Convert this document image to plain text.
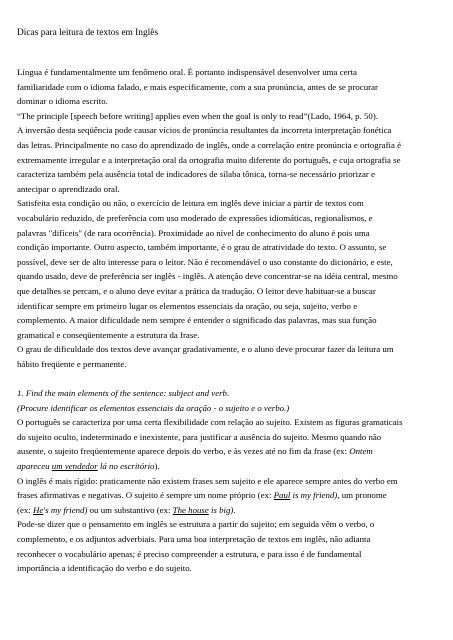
Dicas para leitura de textos em Inglês
Língua é fundamentalmente um fenômeno oral. É portanto indispensável desenvolver uma certa
familiaridade com o idioma falado, e mais especificamente, com a sua pronúncia, antes de se procurar
dominar o idioma escrito.
“The principle [speech before writing] applies even when the goal is only to read”(Lado, 1964, p. 50).
A inversão desta seqüência pode causar vícios de pronúncia resultantes da incorreta interpretação fonética
das letras. Principalmente no caso do aprendizado de inglês, onde a correlação entre pronúncia e ortografia é
extremamente irregular e a interpretação oral da ortografia muito diferente do português, e cuja ortografia se
caracteriza também pela ausência total de indicadores de sílaba tônica, torna-se necessário priorizar e
antecipar o aprendizado oral.
Satisfeita esta condição ou não, o exercício de leitura em inglês deve iniciar a partir de textos com
vocabulário reduzido, de preferência com uso moderado de expressões idiomáticas, regionalismos, e
palavras "difíceis" (de rara ocorrência). Proximidade ao nível de conhecimento do aluno é pois uma
condição importante. Outro aspecto, também importante, é o grau de atratividade do texto. O assunto, se
possível, deve ser de alto interesse para o leitor. Não é recomendável o uso constante do dicionário, e este,
quando usado, deve de preferência ser inglês - inglês. A atenção deve concentrar-se na idéia central, mesmo
que detalhes se percam, e o aluno deve evitar a prática da tradução. O leitor deve habituar-se a buscar
identificar sempre em primeiro lugar os elementos essenciais da oração, ou seja, sujeito, verbo e
complemento. A maior dificuldade nem sempre é entender o significado das palavras, mas sua função
gramatical e conseqüentemente a estrutura da frase.
O grau de dificuldade dos textos deve avançar gradativamente, e o aluno deve procurar fazer da leitura um
hábito freqüente e permanente.
1. Find the main elements of the sentence: subject and verb.
(Procure identificar os elementos essenciais da oração - o sujeito e o verbo.)
O português se caracteriza por uma certa flexibilidade com relação ao sujeito. Existem as figuras gramaticais
do sujeito oculto, indeterminado e inexistente, para justificar a ausência do sujeito. Mesmo quando não
ausente, o sujeito freqüentemente aparece depois do verbo, e às vezes até no fim da frase (ex: Ontem
apareceu um vendedor lá no escritório).
O inglês é mais rígido: praticamente não existem frases sem sujeito e ele aparece sempre antes do verbo em
frases afirmativas e negativas. O sujeito é sempre um nome próprio (ex: Paul is my friend), um pronome
(ex: He's my friend) ou um substantivo (ex: The house is big).
Pode-se dizer que o pensamento em inglês se estrutura a partir do sujeito; em seguida vêm o verbo, o
complemento, e os adjuntos adverbiais. Para uma boa interpretação de textos em inglês, não adianta
reconhecer o vocabulário apenas; é preciso compreender a estrutura, e para isso é de fundamental
importância a identificação do verbo e do sujeito.
